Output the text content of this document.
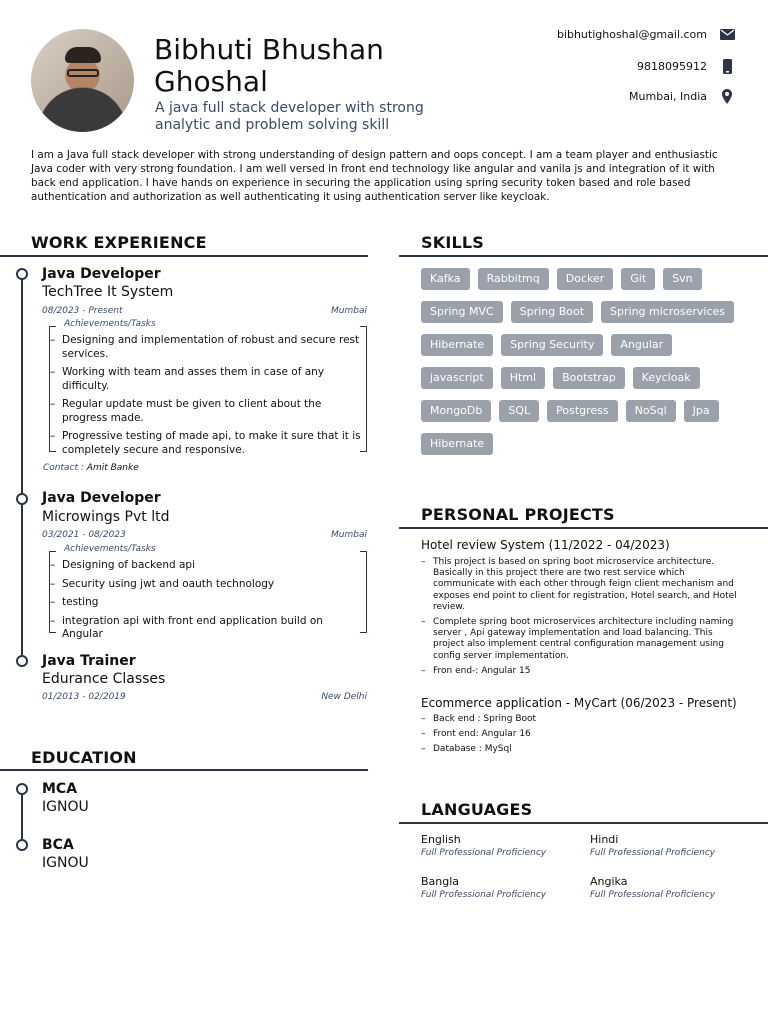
Bibhuti Bhushan Ghoshal
A java full stack developer with strong analytic and problem solving skill
bibhutighoshal@gmail.com
9818095912
Mumbai, India

I am a Java full stack developer with strong understanding of design pattern and oops concept. I am a team player and enthusiastic Java coder with very strong foundation. I am well versed in front end technology like angular and vanila js and integration of it with back end application. I have hands on experience in securing the application using spring security token based and role based authentication and authorization as well authenticating it using authentication server like keycloak.

WORK EXPERIENCE
Java Developer
TechTree It System
08/2023 - Present	Mumbai
Achievements/Tasks
– Designing and implementation of robust and secure rest services.
– Working with team and asses them in case of any difficulty.
– Regular update must be given to client about the progress made.
– Progressive testing of made api, to make it sure that it is completely secure and responsive.
Contact : Amit Banke
Java Developer
Microwings Pvt ltd
03/2021 - 08/2023	Mumbai
Achievements/Tasks
– Designing of backend api
– Security using jwt and oauth technology
– testing
– integration api with front end application build on Angular
Java Trainer
Edurance Classes
01/2013 - 02/2019	New Delhi
EDUCATION
MCA
IGNOU
BCA
IGNOU
SKILLS
Kafka	Rabbitmq	Docker	Git	Svn
Spring MVC	Spring Boot	Spring microservices
Hibernate	Spring Security	Angular
javascript	Html	Bootstrap	Keycloak
MongoDb	SQL	Postgress	NoSql	Jpa
Hibernate
PERSONAL PROJECTS
Hotel review System (11/2022 - 04/2023)
– This project is based on spring boot microservice architecture. Basically in this project there are two rest service which communicate with each other through feign client mechanism and exposes end point to client for registration, Hotel search, and Hotel review.
– Complete spring boot microservices architecture including naming server , Api gateway implementation and load balancing. This project also implement central configuration management using config server implementation.
– Fron end-: Angular 15
Ecommerce application - MyCart (06/2023 - Present)
– Back end : Spring Boot
– Front end: Angular 16
– Database : MySql
LANGUAGES
English
Full Professional Proficiency
Hindi
Full Professional Proficiency
Bangla
Full Professional Proficiency
Angika
Full Professional Proficiency
